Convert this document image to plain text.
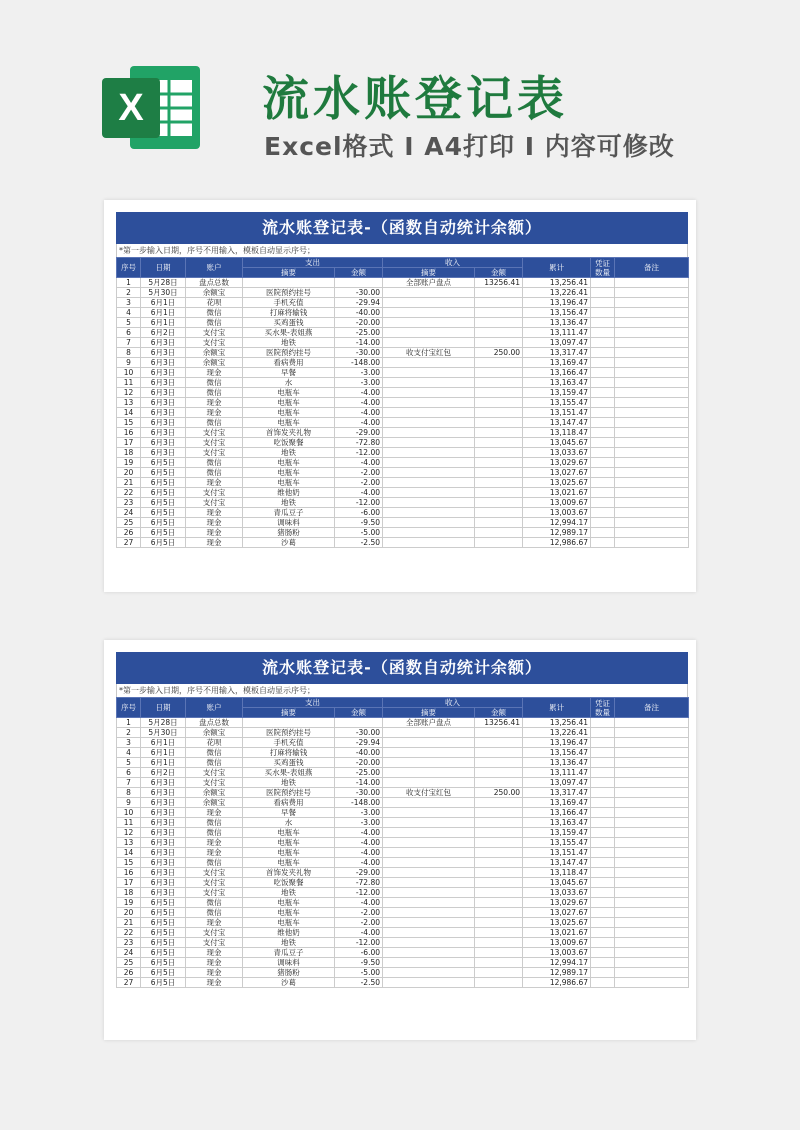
X	流水账登记表
Excel格式 I A4打印 I 内容可修改
流水账登记表-（函数自动统计余额）
*第一步输入日期，序号不用输入，模板自动显示序号；
序号	日期	账户	支出		收入		累计	凭证数量	备注
			摘要	金额	摘要	金额			
1	5月28日	盘点总数			全部账户盘点	13256.41	13,256.41		
2	5月30日	余额宝	医院预约挂号	-30.00			13,226.41		
3	6月1日	花呗	手机充值	-29.94			13,196.47		
4	6月1日	微信	打麻将输钱	-40.00			13,156.47		
5	6月1日	微信	买鸡蛋钱	-20.00			13,136.47		
6	6月2日	支付宝	买水果-表姐燕	-25.00			13,111.47		
7	6月3日	支付宝	地铁	-14.00			13,097.47		
8	6月3日	余额宝	医院预约挂号	-30.00	收支付宝红包	250.00	13,317.47		
9	6月3日	余额宝	看病费用	-148.00			13,169.47		
10	6月3日	现金	早餐	-3.00			13,166.47		
11	6月3日	微信	水	-3.00			13,163.47		
12	6月3日	微信	电瓶车	-4.00			13,159.47		
13	6月3日	现金	电瓶车	-4.00			13,155.47		
14	6月3日	现金	电瓶车	-4.00			13,151.47		
15	6月3日	微信	电瓶车	-4.00			13,147.47		
16	6月3日	支付宝	首饰发夹礼物	-29.00			13,118.47		
17	6月3日	支付宝	吃饭聚餐	-72.80			13,045.67		
18	6月3日	支付宝	地铁	-12.00			13,033.67		
19	6月5日	微信	电瓶车	-4.00			13,029.67		
20	6月5日	微信	电瓶车	-2.00			13,027.67		
21	6月5日	现金	电瓶车	-2.00			13,025.67		
22	6月5日	支付宝	维他奶	-4.00			13,021.67		
23	6月5日	支付宝	地铁	-12.00			13,009.67		
24	6月5日	现金	青瓜豆子	-6.00			13,003.67		
25	6月5日	现金	调味料	-9.50			12,994.17		
26	6月5日	现金	猪肠粉	-5.00			12,989.17		
27	6月5日	现金	沙葛	-2.50			12,986.67		
流水账登记表-（函数自动统计余额）
*第一步输入日期，序号不用输入，模板自动显示序号；
序号	日期	账户	支出		收入		累计	凭证数量	备注
			摘要	金额	摘要	金额			
1	5月28日	盘点总数			全部账户盘点	13256.41	13,256.41		
2	5月30日	余额宝	医院预约挂号	-30.00			13,226.41		
3	6月1日	花呗	手机充值	-29.94			13,196.47		
4	6月1日	微信	打麻将输钱	-40.00			13,156.47		
5	6月1日	微信	买鸡蛋钱	-20.00			13,136.47		
6	6月2日	支付宝	买水果-表姐燕	-25.00			13,111.47		
7	6月3日	支付宝	地铁	-14.00			13,097.47		
8	6月3日	余额宝	医院预约挂号	-30.00	收支付宝红包	250.00	13,317.47		
9	6月3日	余额宝	看病费用	-148.00			13,169.47		
10	6月3日	现金	早餐	-3.00			13,166.47		
11	6月3日	微信	水	-3.00			13,163.47		
12	6月3日	微信	电瓶车	-4.00			13,159.47		
13	6月3日	现金	电瓶车	-4.00			13,155.47		
14	6月3日	现金	电瓶车	-4.00			13,151.47		
15	6月3日	微信	电瓶车	-4.00			13,147.47		
16	6月3日	支付宝	首饰发夹礼物	-29.00			13,118.47		
17	6月3日	支付宝	吃饭聚餐	-72.80			13,045.67		
18	6月3日	支付宝	地铁	-12.00			13,033.67		
19	6月5日	微信	电瓶车	-4.00			13,029.67		
20	6月5日	微信	电瓶车	-2.00			13,027.67		
21	6月5日	现金	电瓶车	-2.00			13,025.67		
22	6月5日	支付宝	维他奶	-4.00			13,021.67		
23	6月5日	支付宝	地铁	-12.00			13,009.67		
24	6月5日	现金	青瓜豆子	-6.00			13,003.67		
25	6月5日	现金	调味料	-9.50			12,994.17		
26	6月5日	现金	猪肠粉	-5.00			12,989.17		
27	6月5日	现金	沙葛	-2.50			12,986.67		
